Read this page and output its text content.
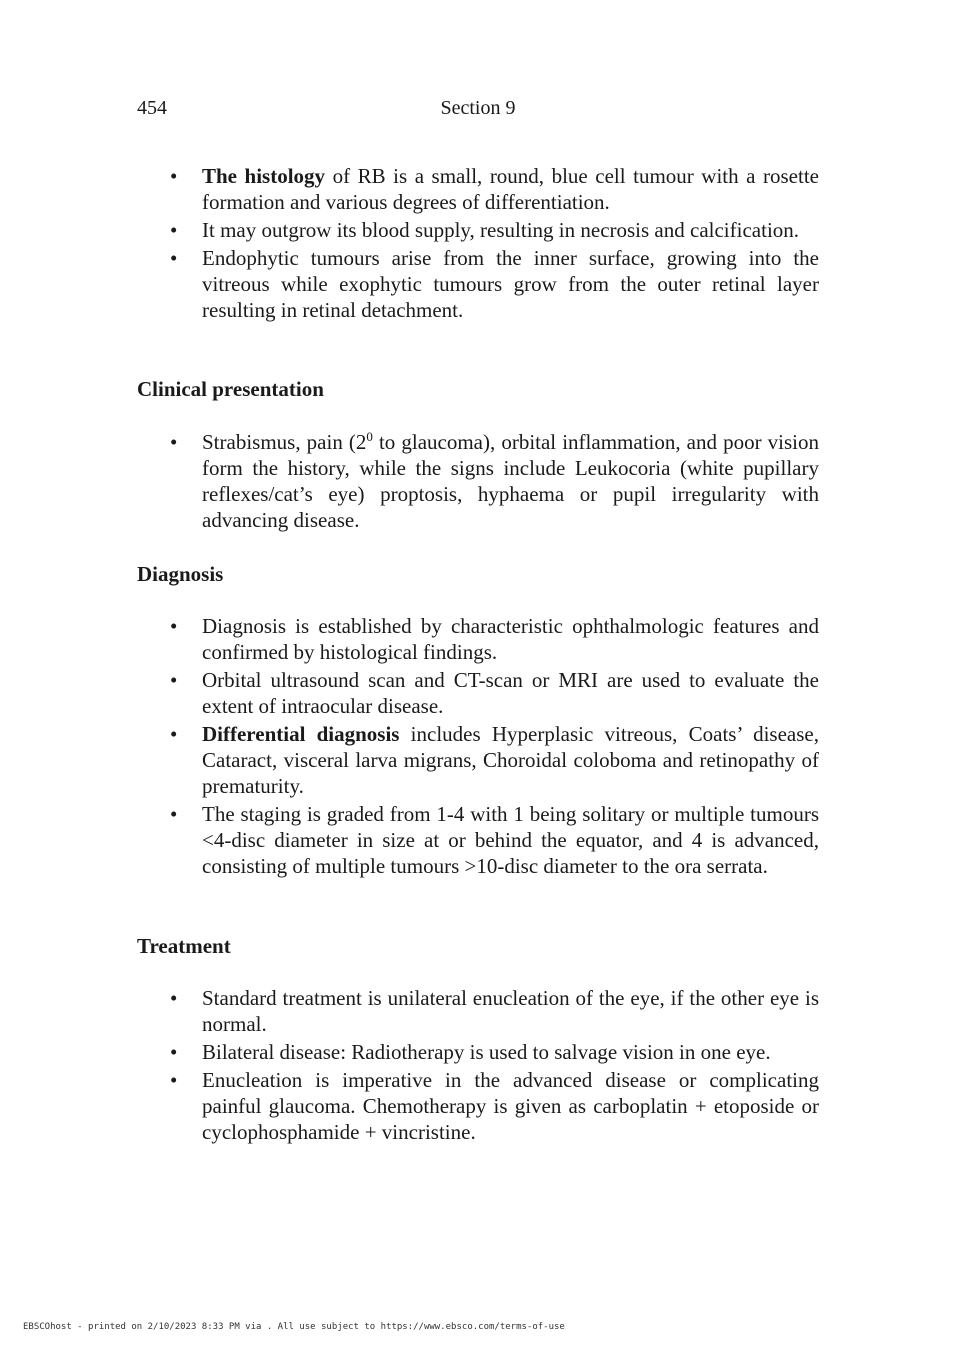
454	Section 9
• The histology of RB is a small, round, blue cell tumour with a rosette formation and various degrees of differentiation.
• It may outgrow its blood supply, resulting in necrosis and calcification.
• Endophytic tumours arise from the inner surface, growing into the vitreous while exophytic tumours grow from the outer retinal layer resulting in retinal detachment.
Clinical presentation
• Strabismus, pain ($2^0$ to glaucoma), orbital inflammation, and poor vision form the history, while the signs include Leukocoria (white pupillary reflexes/cat’s eye) proptosis, hyphaema or pupil irregularity with advancing disease.
Diagnosis
• Diagnosis is established by characteristic ophthalmologic features and confirmed by histological findings.
• Orbital ultrasound scan and CT-scan or MRI are used to evaluate the extent of intraocular disease.
• Differential diagnosis includes Hyperplasic vitreous, Coats’ disease, Cataract, visceral larva migrans, Choroidal coloboma and retinopathy of prematurity.
• The staging is graded from 1-4 with 1 being solitary or multiple tumours <4-disc diameter in size at or behind the equator, and 4 is advanced, consisting of multiple tumours >10-disc diameter to the ora serrata.
Treatment
• Standard treatment is unilateral enucleation of the eye, if the other eye is normal.
• Bilateral disease: Radiotherapy is used to salvage vision in one eye.
• Enucleation is imperative in the advanced disease or complicating painful glaucoma. Chemotherapy is given as carboplatin + etoposide or cyclophosphamide + vincristine.
EBSCOhost - printed on 2/10/2023 8:33 PM via . All use subject to https://www.ebsco.com/terms-of-use
